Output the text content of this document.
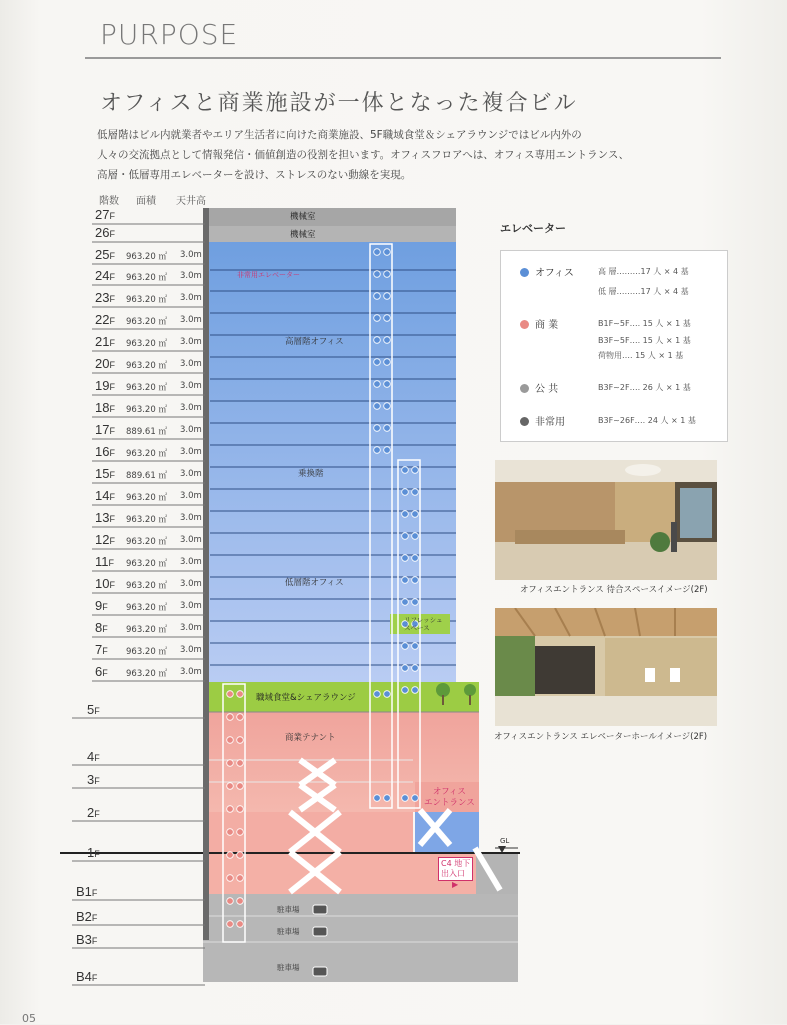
PURPOSE
オフィスと商業施設が一体となった複合ビル
低層階はビル内就業者やエリア生活者に向けた商業施設、5F職域食堂＆シェアラウンジではビル内外の
人々の交流拠点として情報発信・価値創造の役割を担います。オフィスフロアへは、オフィス専用エントランス、
高層・低層専用エレベーターを設け、ストレスのない動線を実現。
階数 面積 天井高
27F
26F
25F 963.20 ㎡ 3.0m
24F 963.20 ㎡ 3.0m
23F 963.20 ㎡ 3.0m
22F 963.20 ㎡ 3.0m
21F 963.20 ㎡ 3.0m
20F 963.20 ㎡ 3.0m
19F 963.20 ㎡ 3.0m
18F 963.20 ㎡ 3.0m
17F 889.61 ㎡ 3.0m
16F 963.20 ㎡ 3.0m
15F 889.61 ㎡ 3.0m
14F 963.20 ㎡ 3.0m
13F 963.20 ㎡ 3.0m
12F 963.20 ㎡ 3.0m
11F 963.20 ㎡ 3.0m
10F 963.20 ㎡ 3.0m
9F 963.20 ㎡ 3.0m
8F 963.20 ㎡ 3.0m
7F 963.20 ㎡ 3.0m
6F 963.20 ㎡ 3.0m
5F
4F
3F
2F
1F
B1F
B2F
B3F
B4F
機械室
機械室
非常用エレベーター
高層階オフィス
乗換階
低層階オフィス
リフレッシュ
スペース
職域食堂&シェアラウンジ
商業テナント
オフィス
エントランス
GL
C4 地下
出入口
▶
駐車場
駐車場
駐車場
エレベーター
オフィス	高 層………17 人 × 4 基
低 層………17 人 × 4 基
商 業	B1F~5F…. 15 人 × 1 基
B3F~5F…. 15 人 × 1 基
荷物用…. 15 人 × 1 基
公 共	B3F~2F…. 26 人 × 1 基
非常用	B3F~26F…. 24 人 × 1 基
オフィスエントランス 待合スペースイメージ(2F)
オフィスエントランス エレベーターホールイメージ(2F)
05
